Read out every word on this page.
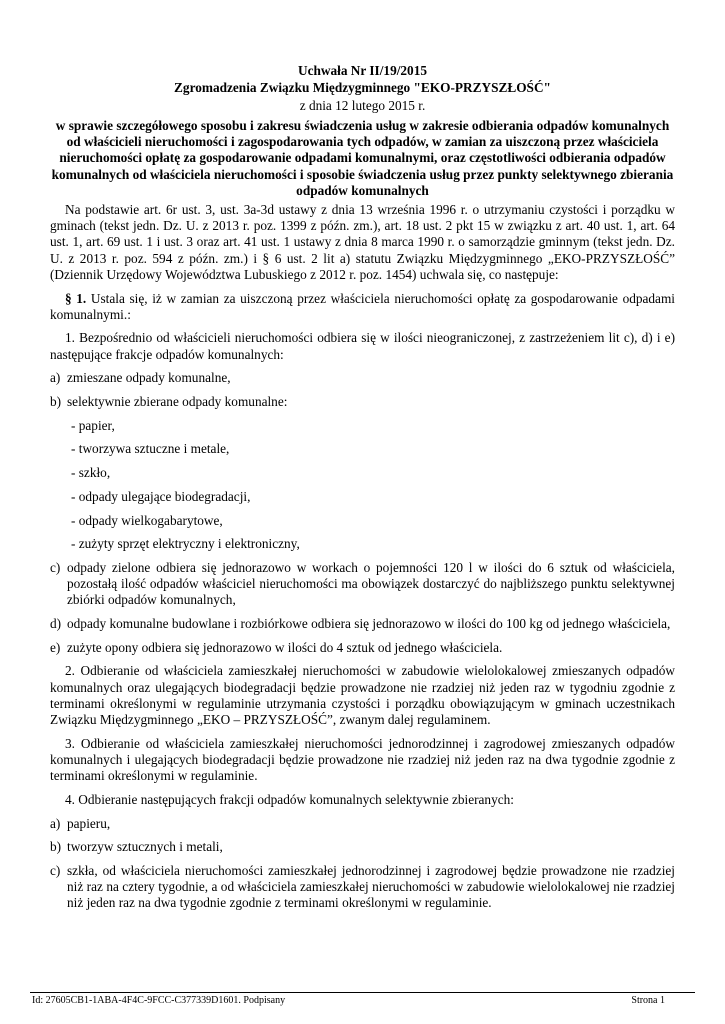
Uchwała Nr II/19/2015
Zgromadzenia Związku Międzygminnego "EKO-PRZYSZŁOŚĆ"
z dnia 12 lutego 2015 r.
w sprawie szczegółowego sposobu i zakresu świadczenia usług w zakresie odbierania odpadów komunalnych od właścicieli nieruchomości i zagospodarowania tych odpadów, w zamian za uiszczoną przez właściciela nieruchomości opłatę za gospodarowanie odpadami komunalnymi, oraz częstotliwości odbierania odpadów komunalnych od właściciela nieruchomości i sposobie świadczenia usług przez punkty selektywnego zbierania odpadów komunalnych

Na podstawie art. 6r ust. 3, ust. 3a-3d ustawy z dnia 13 września 1996 r. o utrzymaniu czystości i porządku w gminach (tekst jedn. Dz. U. z 2013 r. poz. 1399 z późn. zm.), art. 18 ust. 2 pkt 15 w związku z art. 40 ust. 1, art. 64 ust. 1, art. 69 ust. 1 i ust. 3 oraz art. 41 ust. 1 ustawy z dnia 8 marca 1990 r. o samorządzie gminnym (tekst jedn. Dz. U. z 2013 r. poz. 594 z późn. zm.) i § 6 ust. 2 lit a) statutu Związku Międzygminnego „EKO-PRZYSZŁOŚĆ” (Dziennik Urzędowy Województwa Lubuskiego z 2012 r. poz. 1454) uchwala się, co następuje:

§ 1. Ustala się, iż w zamian za uiszczoną przez właściciela nieruchomości opłatę za gospodarowanie odpadami komunalnymi.:

1. Bezpośrednio od właścicieli nieruchomości odbiera się w ilości nieograniczonej, z zastrzeżeniem lit c), d) i e) następujące frakcje odpadów komunalnych:

a) zmieszane odpady komunalne,
b) selektywnie zbierane odpady komunalne:
- papier,
- tworzywa sztuczne i metale,
- szkło,
- odpady ulegające biodegradacji,
- odpady wielkogabarytowe,
- zużyty sprzęt elektryczny i elektroniczny,
c) odpady zielone odbiera się jednorazowo w workach o pojemności 120 l w ilości do 6 sztuk od właściciela, pozostałą ilość odpadów właściciel nieruchomości ma obowiązek dostarczyć do najbliższego punktu selektywnej zbiórki odpadów komunalnych,
d) odpady komunalne budowlane i rozbiórkowe odbiera się jednorazowo w ilości do 100 kg od jednego właściciela,
e) zużyte opony odbiera się jednorazowo w ilości do 4 sztuk od jednego właściciela.

2. Odbieranie od właściciela zamieszkałej nieruchomości w zabudowie wielolokalowej zmieszanych odpadów komunalnych oraz ulegających biodegradacji będzie prowadzone nie rzadziej niż jeden raz w tygodniu zgodnie z terminami określonymi w regulaminie utrzymania czystości i porządku obowiązującym w gminach uczestnikach Związku Międzygminnego „EKO – PRZYSZŁOŚĆ”, zwanym dalej regulaminem.

3. Odbieranie od właściciela zamieszkałej nieruchomości jednorodzinnej i zagrodowej zmieszanych odpadów komunalnych i ulegających biodegradacji będzie prowadzone nie rzadziej niż jeden raz na dwa tygodnie zgodnie z terminami określonymi w regulaminie.

4. Odbieranie następujących frakcji odpadów komunalnych selektywnie zbieranych:

a) papieru,
b) tworzyw sztucznych i metali,
c) szkła, od właściciela nieruchomości zamieszkałej jednorodzinnej i zagrodowej będzie prowadzone nie rzadziej niż raz na cztery tygodnie, a od właściciela zamieszkałej nieruchomości w zabudowie wielolokalowej nie rzadziej niż jeden raz na dwa tygodnie zgodnie z terminami określonymi w regulaminie.
Id: 27605CB1-1ABA-4F4C-9FCC-C377339D1601. Podpisany	Strona 1
